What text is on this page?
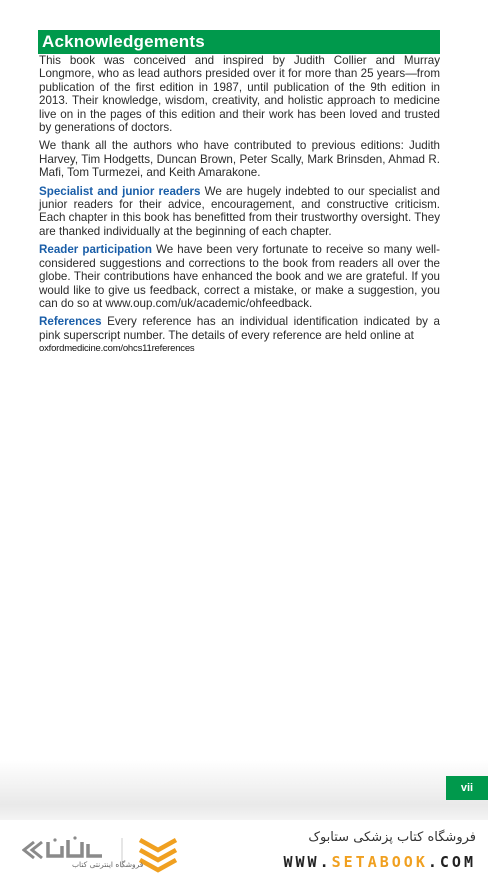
Acknowledgements

This book was conceived and inspired by Judith Collier and Murray Longmore, who as lead authors presided over it for more than 25 years—from publication of the first edition in 1987, until publication of the 9th edition in 2013. Their knowledge, wisdom, creativity, and holistic approach to medicine live on in the pages of this edition and their work has been loved and trusted by generations of doctors.

We thank all the authors who have contributed to previous editions: Judith Harvey, Tim Hodgetts, Duncan Brown, Peter Scally, Mark Brinsden, Ahmad R. Mafi, Tom Turmezei, and Keith Amarakone.

Specialist and junior readers We are hugely indebted to our specialist and junior readers for their advice, encouragement, and constructive criticism. Each chapter in this book has benefitted from their trustworthy oversight. They are thanked individually at the beginning of each chapter.

Reader participation We have been very fortunate to receive so many well-considered suggestions and corrections to the book from readers all over the globe. Their contributions have enhanced the book and we are grateful. If you would like to give us feedback, correct a mistake, or make a suggestion, you can do so at www.oup.com/uk/academic/ohfeedback.

References Every reference has an individual identification indicated by a pink superscript number. The details of every reference are held online at
oxfordmedicine.com/ohcs11references

vii
فروشگاه اینترنتی کتاب
فروشگاه کتاب پزشکی ستابوک
WWW.SETABOOK.COM
